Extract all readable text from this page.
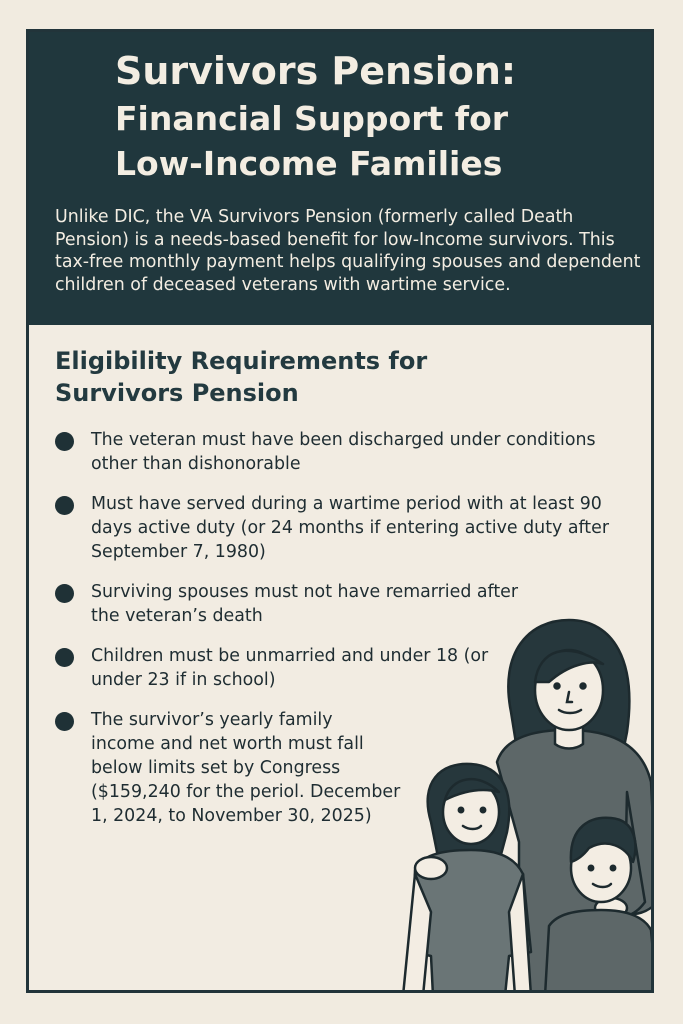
Survivors Pension:
Financial Support for
Low-Income Families

Unlike DIC, the VA Survivors Pension (formerly called Death Pension) is a needs-based benefit for low-Income survivors. This tax-free monthly payment helps qualifying spouses and dependent children of deceased veterans with wartime service.

Eligibility Requirements for Survivors Pension
The veteran must have been discharged under conditions other than dishonorable
Must have served during a wartime period with at least 90 days active duty (or 24 months if entering active duty after September 7, 1980)
Surviving spouses must not have remarried after the veteran’s death
Children must be unmarried and under 18 (or under 23 if in school)
The survivor’s yearly family income and net worth must fall below limits set by Congress ($159,240 for the periol. December 1, 2024, to November 30, 2025)
